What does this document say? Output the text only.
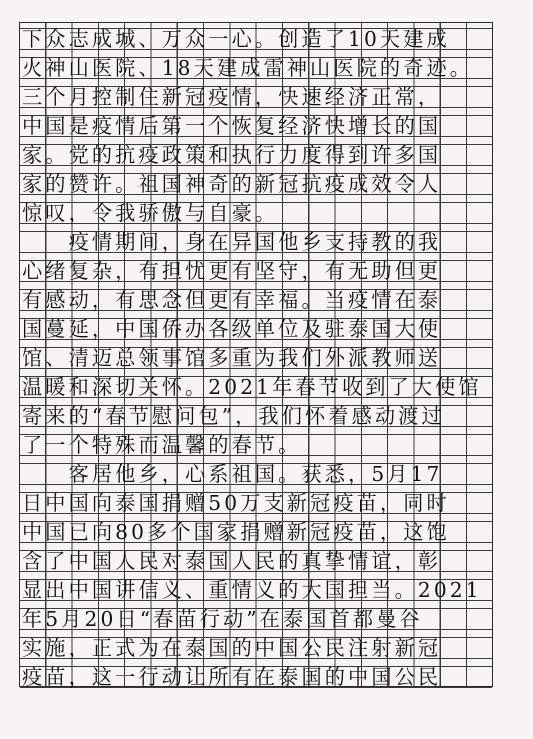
下众志成城、万众一心。创造了10天建成
火神山医院、18天建成雷神山医院的奇迹。
三个月控制住新冠疫情，快速经济正常，
中国是疫情后第一个恢复经济快增长的国
家。党的抗疫政策和执行力度得到许多国
家的赞许。祖国神奇的新冠抗疫成效令人
惊叹，令我骄傲与自豪。
　　疫情期间，身在异国他乡支持教的我
心绪复杂，有担忧更有坚守，有无助但更
有感动，有思念但更有幸福。当疫情在泰
国蔓延，中国侨办各级单位及驻泰国大使
馆、清迈总领事馆多重为我们外派教师送
温暖和深切关怀。2021年春节收到了大使馆
寄来的“春节慰问包”，我们怀着感动渡过
了一个特殊而温馨的春节。
　　客居他乡，心系祖国。获悉，5月17
日中国向泰国捐赠50万支新冠疫苗，同时
中国已向80多个国家捐赠新冠疫苗，这饱
含了中国人民对泰国人民的真挚情谊，彰
显出中国讲信义、重情义的大国担当。2021
年5月20日“春苗行动”在泰国首都曼谷
实施，正式为在泰国的中国公民注射新冠
疫苗，这一行动让所有在泰国的中国公民
